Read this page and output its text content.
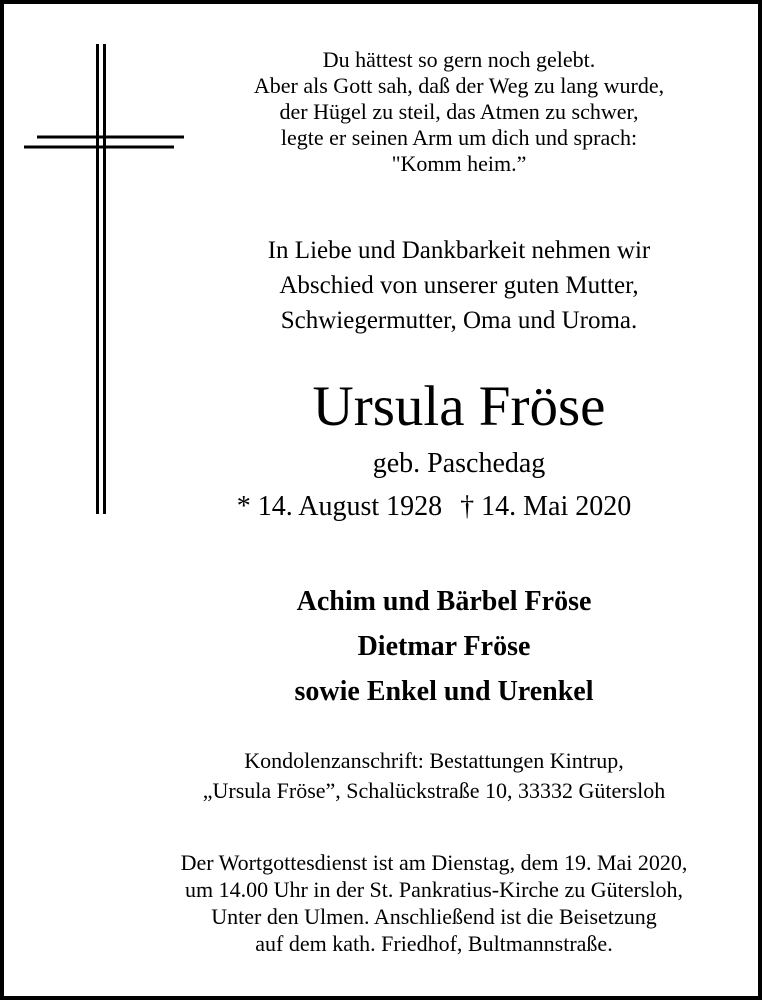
Du hättest so gern noch gelebt.
Aber als Gott sah, daß der Weg zu lang wurde,
der Hügel zu steil, das Atmen zu schwer,
legte er seinen Arm um dich und sprach:
"Komm heim.”
In Liebe und Dankbarkeit nehmen wir
Abschied von unserer guten Mutter,
Schwiegermutter, Oma und Uroma.
Ursula Fröse
geb. Paschedag
* 14. August 1928 † 14. Mai 2020
Achim und Bärbel Fröse
Dietmar Fröse
sowie Enkel und Urenkel
Kondolenzanschrift: Bestattungen Kintrup,
„Ursula Fröse”, Schalückstraße 10, 33332 Gütersloh
Der Wortgottesdienst ist am Dienstag, dem 19. Mai 2020,
um 14.00 Uhr in der St. Pankratius-Kirche zu Gütersloh,
Unter den Ulmen. Anschließend ist die Beisetzung
auf dem kath. Friedhof, Bultmannstraße.
